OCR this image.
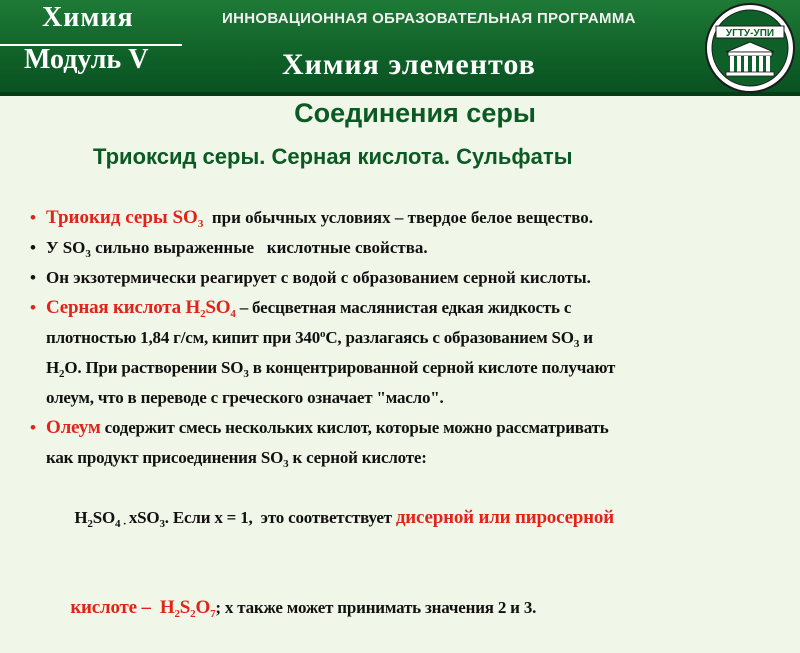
Химия
Модуль V
ИННОВАЦИОННАЯ ОБРАЗОВАТЕЛЬНАЯ ПРОГРАММА
Химия элементов
УГТУ-УПИ
Соединения серы
Триоксид серы. Серная кислота. Сульфаты
• Триокид серы $SO_3$  при обычных условиях – твердое белое вещество.
• У $SO_3$ сильно выраженные   кислотные свойства.
• Он экзотермически реагирует с водой с образованием серной кислоты.
• Серная кислота $H_2SO_4$ – бесцветная маслянистая едкая жидкость с
плотностью 1,84 г/см, кипит при 340$^o$С, разлагаясь с образованием $SO_3$ и
$H_2O$. При растворении $SO_3$ в концентрированной серной кислоте получают
олеум, что в переводе с греческого означает "масло".
• Олеум содержит смесь нескольких кислот, которые можно рассматривать
как продукт присоединения $SO_3$ к серной кислоте:

$H_2SO_4$ $_\cdot$ xSO$_3$. Если x = 1,  это соответствует дисерной или пиросерной

кислоте –  $H_2S_2O_7$; x также может принимать значения 2 и 3.
